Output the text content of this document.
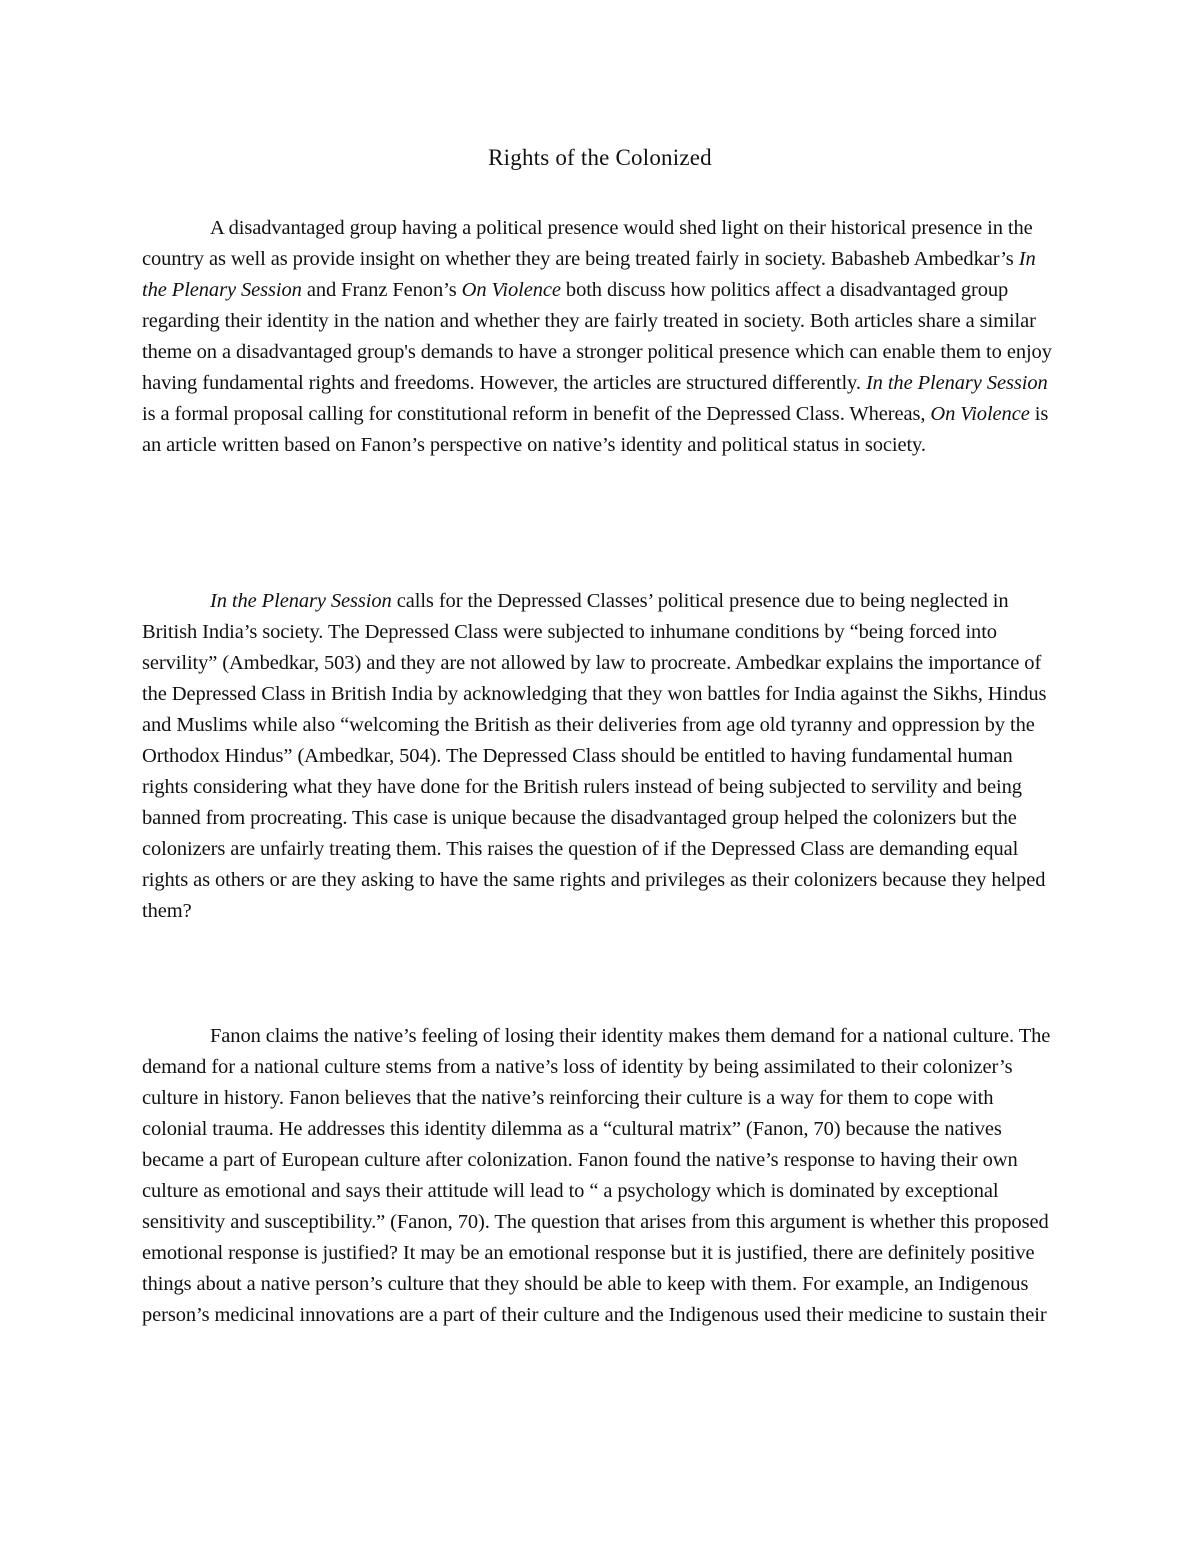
Rights of the Colonized

A disadvantaged group having a political presence would shed light on their historical presence in the country as well as provide insight on whether they are being treated fairly in society. Babasheb Ambedkar’s In the Plenary Session and Franz Fenon’s On Violence both discuss how politics affect a disadvantaged group regarding their identity in the nation and whether they are fairly treated in society. Both articles share a similar theme on a disadvantaged group's demands to have a stronger political presence which can enable them to enjoy having fundamental rights and freedoms. However, the articles are structured differently. In the Plenary Session is a formal proposal calling for constitutional reform in benefit of the Depressed Class. Whereas, On Violence is an article written based on Fanon’s perspective on native’s identity and political status in society.

In the Plenary Session calls for the Depressed Classes’ political presence due to being neglected in British India’s society. The Depressed Class were subjected to inhumane conditions by “being forced into servility” (Ambedkar, 503) and they are not allowed by law to procreate. Ambedkar explains the importance of the Depressed Class in British India by acknowledging that they won battles for India against the Sikhs, Hindus and Muslims while also “welcoming the British as their deliveries from age old tyranny and oppression by the Orthodox Hindus” (Ambedkar, 504). The Depressed Class should be entitled to having fundamental human rights considering what they have done for the British rulers instead of being subjected to servility and being banned from procreating. This case is unique because the disadvantaged group helped the colonizers but the colonizers are unfairly treating them. This raises the question of if the Depressed Class are demanding equal rights as others or are they asking to have the same rights and privileges as their colonizers because they helped them?

Fanon claims the native’s feeling of losing their identity makes them demand for a national culture. The demand for a national culture stems from a native’s loss of identity by being assimilated to their colonizer’s culture in history. Fanon believes that the native’s reinforcing their culture is a way for them to cope with colonial trauma. He addresses this identity dilemma as a “cultural matrix” (Fanon, 70) because the natives became a part of European culture after colonization. Fanon found the native’s response to having their own culture as emotional and says their attitude will lead to “ a psychology which is dominated by exceptional sensitivity and susceptibility.” (Fanon, 70). The question that arises from this argument is whether this proposed emotional response is justified? It may be an emotional response but it is justified, there are definitely positive things about a native person’s culture that they should be able to keep with them. For example, an Indigenous person’s medicinal innovations are a part of their culture and the Indigenous used their medicine to sustain their
